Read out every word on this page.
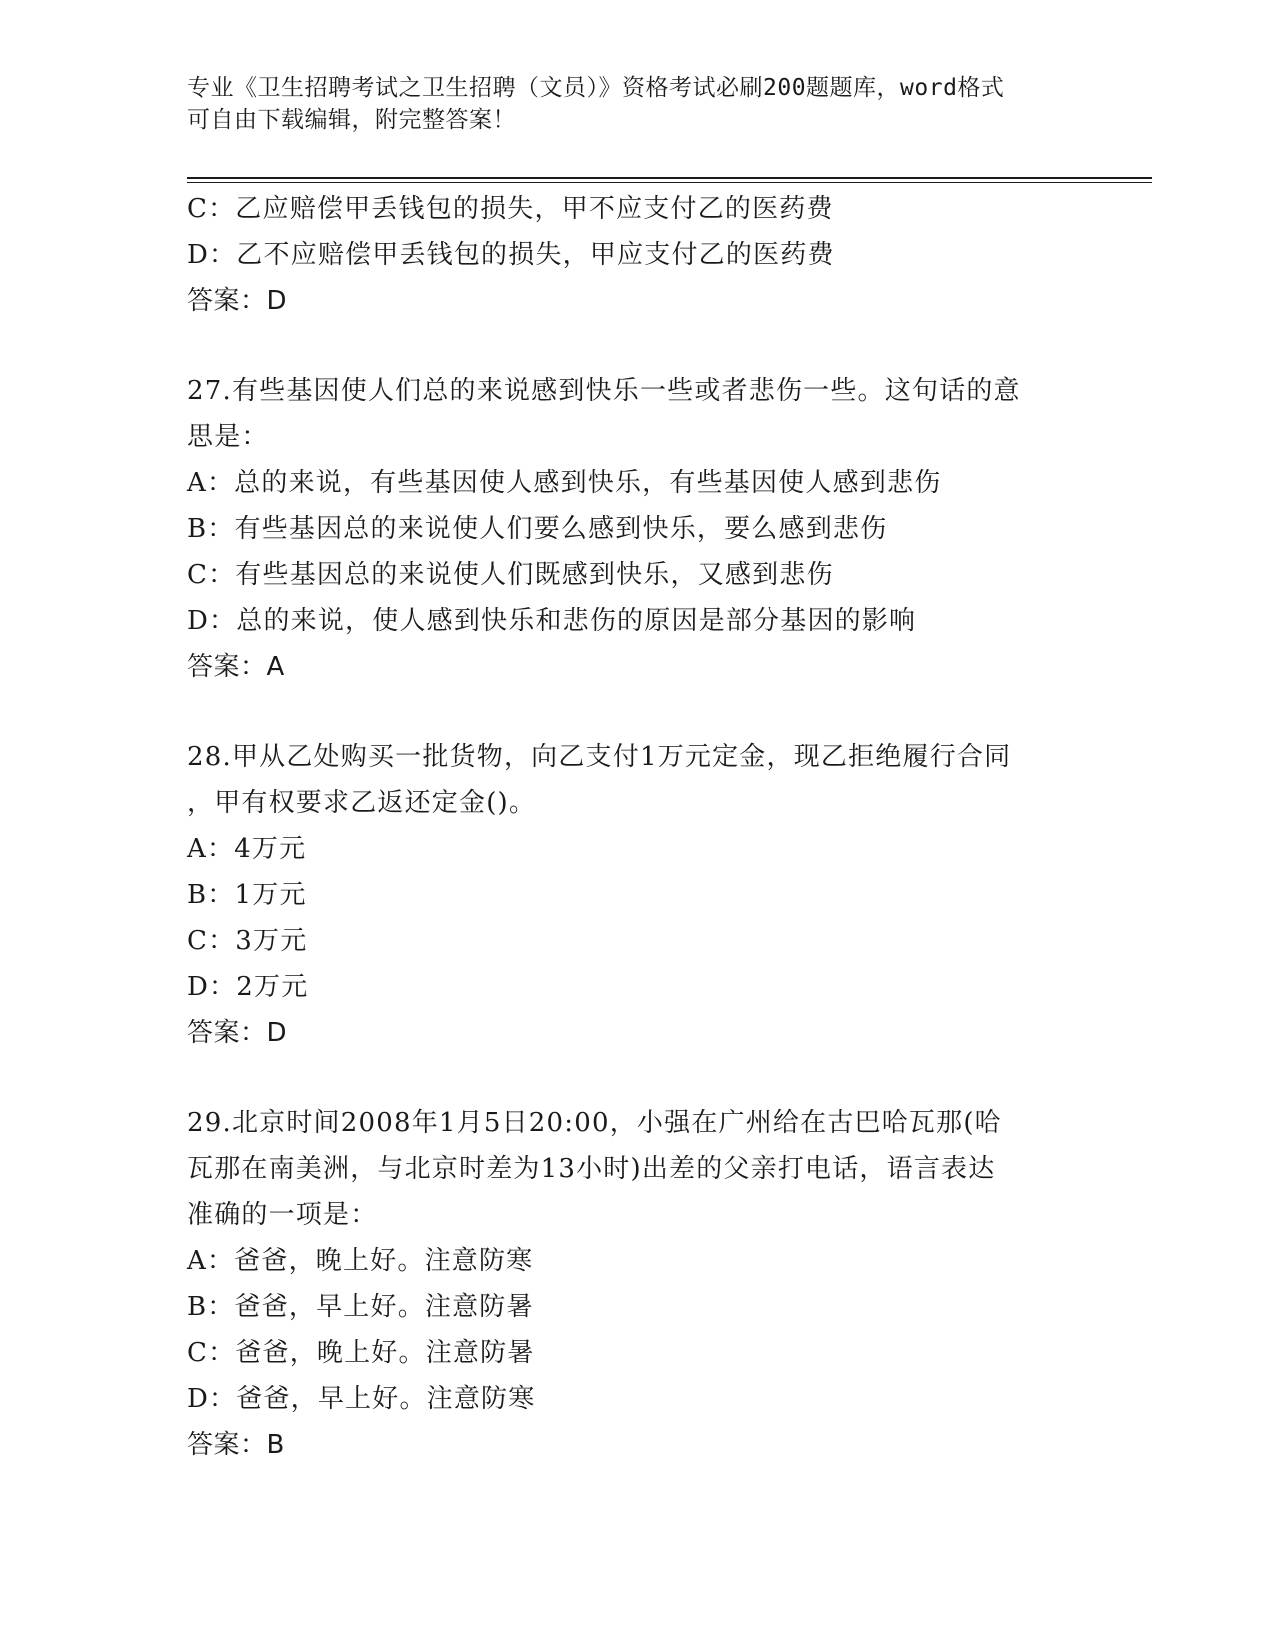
专业《卫生招聘考试之卫生招聘（文员）》资格考试必刷200题题库，word格式
可自由下载编辑，附完整答案！
C：乙应赔偿甲丢钱包的损失，甲不应支付乙的医药费
D：乙不应赔偿甲丢钱包的损失，甲应支付乙的医药费
答案：D
27.有些基因使人们总的来说感到快乐一些或者悲伤一些。这句话的意
思是：
A：总的来说，有些基因使人感到快乐，有些基因使人感到悲伤
B：有些基因总的来说使人们要么感到快乐，要么感到悲伤
C：有些基因总的来说使人们既感到快乐，又感到悲伤
D：总的来说，使人感到快乐和悲伤的原因是部分基因的影响
答案：A
28.甲从乙处购买一批货物，向乙支付1万元定金，现乙拒绝履行合同
，甲有权要求乙返还定金()。
A：4万元
B：1万元
C：3万元
D：2万元
答案：D
29.北京时间2008年1月5日20:00，小强在广州给在古巴哈瓦那(哈
瓦那在南美洲，与北京时差为13小时)出差的父亲打电话，语言表达
准确的一项是：
A：爸爸，晚上好。注意防寒
B：爸爸，早上好。注意防暑
C：爸爸，晚上好。注意防暑
D：爸爸，早上好。注意防寒
答案：B
